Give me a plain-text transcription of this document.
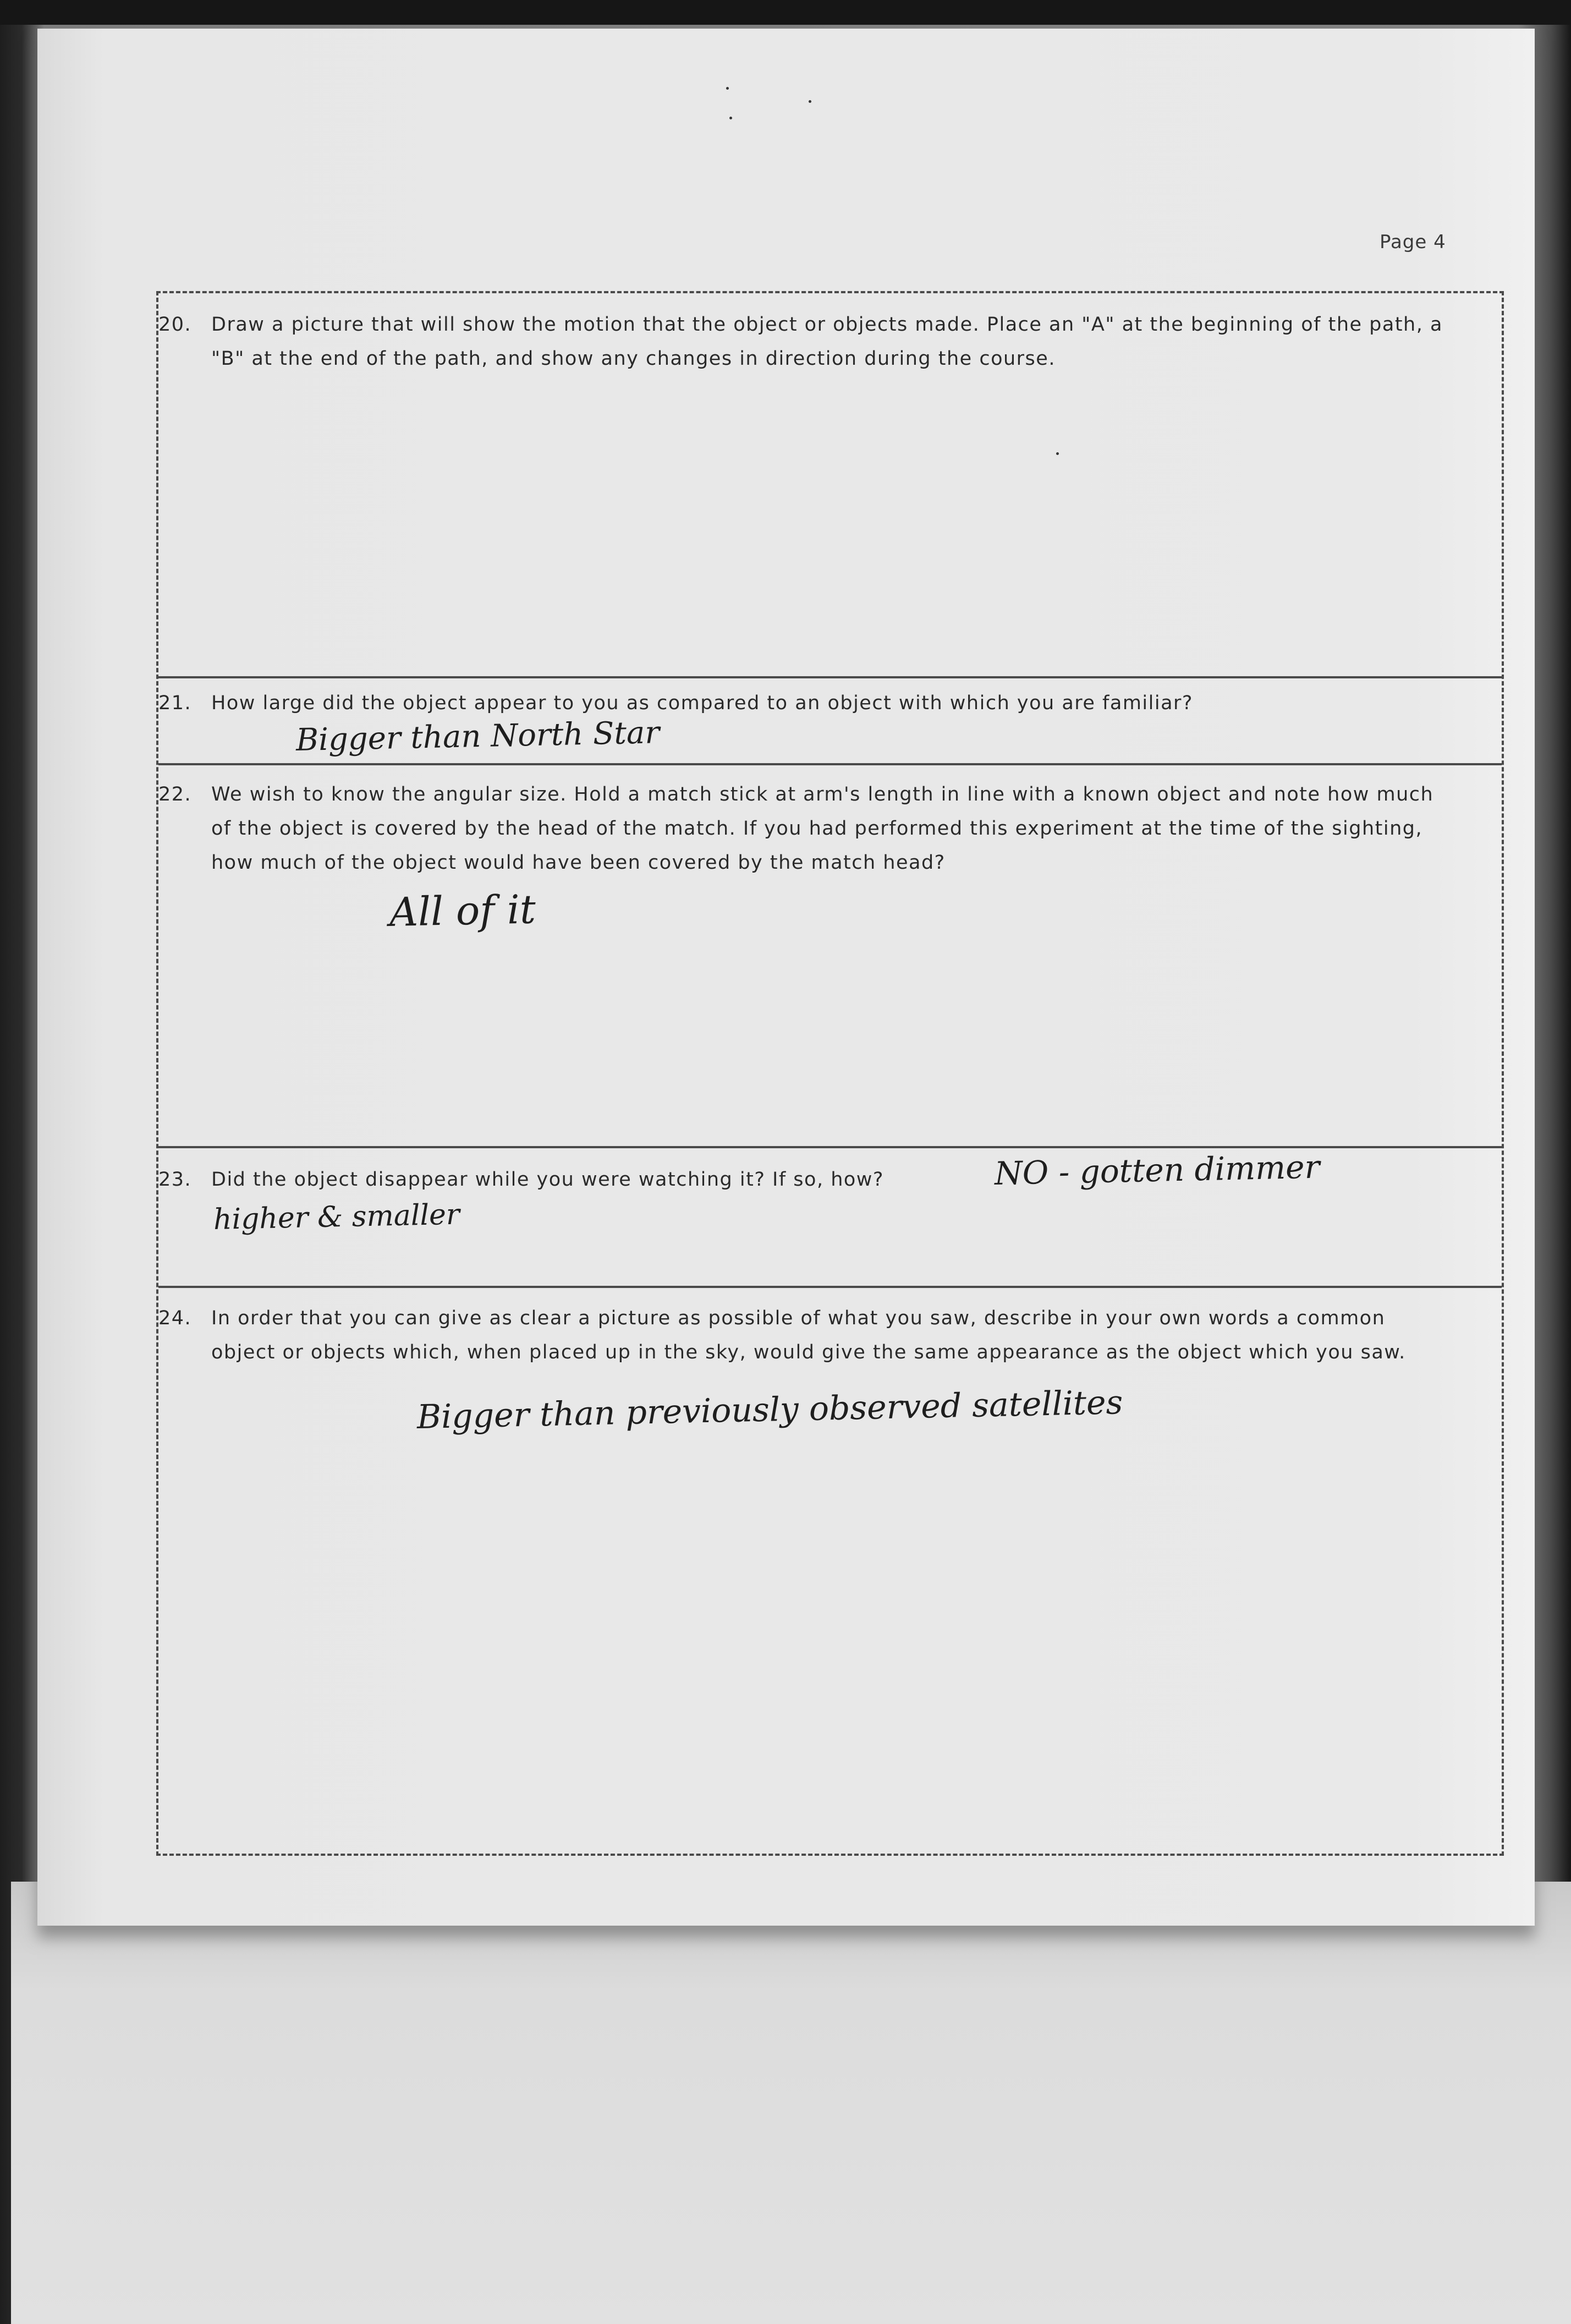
Page 4
20. Draw a picture that will show the motion that the object or objects made. Place an "A" at the beginning of the path, a "B" at the end of the path, and show any changes in direction during the course.
21. How large did the object appear to you as compared to an object with which you are familiar?
Bigger than North Star
22. We wish to know the angular size. Hold a match stick at arm's length in line with a known object and note how much of the object is covered by the head of the match. If you had performed this experiment at the time of the sighting, how much of the object would have been covered by the match head?
All of it
23. Did the object disappear while you were watching it? If so, how?	NO - gotten dimmer
higher & smaller
24. In order that you can give as clear a picture as possible of what you saw, describe in your own words a common object or objects which, when placed up in the sky, would give the same appearance as the object which you saw.
Bigger than previously observed satellites
